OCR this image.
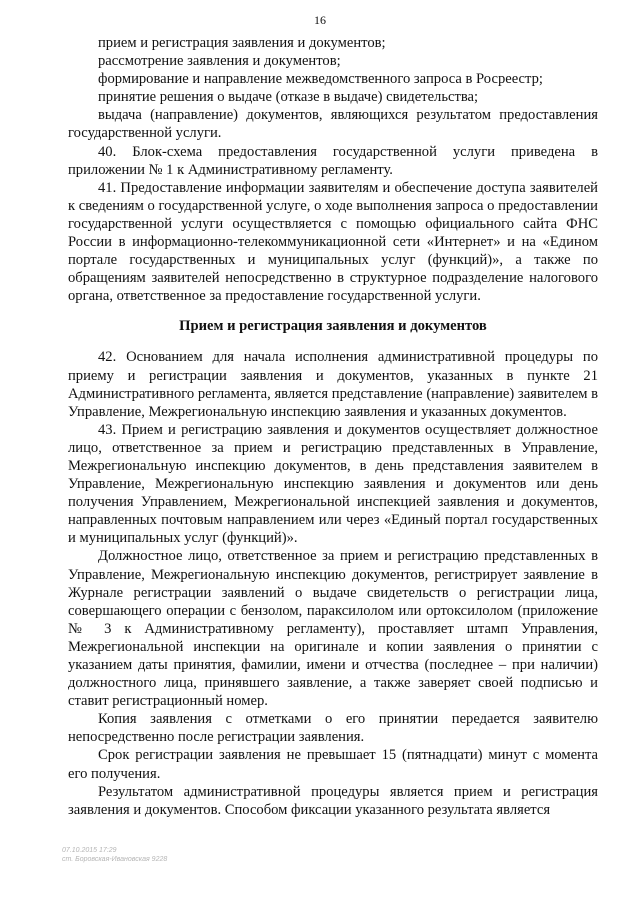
16

прием и регистрация заявления и документов;

рассмотрение заявления и документов;

формирование и направление межведомственного запроса в Росреестр;

принятие решения о выдаче (отказе в выдаче) свидетельства;

выдача (направление) документов, являющихся результатом предоставления государственной услуги.

40. Блок-схема предоставления государственной услуги приведена в приложении № 1 к Административному регламенту.

41. Предоставление информации заявителям и обеспечение доступа заявителей к сведениям о государственной услуге, о ходе выполнения запроса о предоставлении государственной услуги осуществляется с помощью официального сайта ФНС России в информационно-телекоммуникационной сети «Интернет» и на «Едином портале государственных и муниципальных услуг (функций)», а также по обращениям заявителей непосредственно в структурное подразделение налогового органа, ответственное за предоставление государственной услуги.

Прием и регистрация заявления и документов

42. Основанием для начала исполнения административной процедуры по приему и регистрации заявления и документов, указанных в пункте 21 Административного регламента, является представление (направление) заявителем в Управление, Межрегиональную инспекцию заявления и указанных документов.

43. Прием и регистрацию заявления и документов осуществляет должностное лицо, ответственное за прием и регистрацию представленных в Управление, Межрегиональную инспекцию документов, в день представления заявителем в Управление, Межрегиональную инспекцию заявления и документов или день получения Управлением, Межрегиональной инспекцией заявления и документов, направленных почтовым направлением или через «Единый портал государственных и муниципальных услуг (функций)».

Должностное лицо, ответственное за прием и регистрацию представленных в Управление, Межрегиональную инспекцию документов, регистрирует заявление в Журнале регистрации заявлений о выдаче свидетельств о регистрации лица, совершающего операции с бензолом, параксилолом или ортоксилолом (приложение № 3 к Административному регламенту), проставляет штамп Управления, Межрегиональной инспекции на оригинале и копии заявления о принятии с указанием даты принятия, фамилии, имени и отчества (последнее – при наличии) должностного лица, принявшего заявление, а также заверяет своей подписью и ставит регистрационный номер.

Копия заявления с отметками о его принятии передается заявителю непосредственно после регистрации заявления.

Срок регистрации заявления не превышает 15 (пятнадцати) минут с момента его получения.

Результатом административной процедуры является прием и регистрация заявления и документов. Способом фиксации указанного результата является

07.10.2015 17:29
ст. Боровская-Ивановская 9228
